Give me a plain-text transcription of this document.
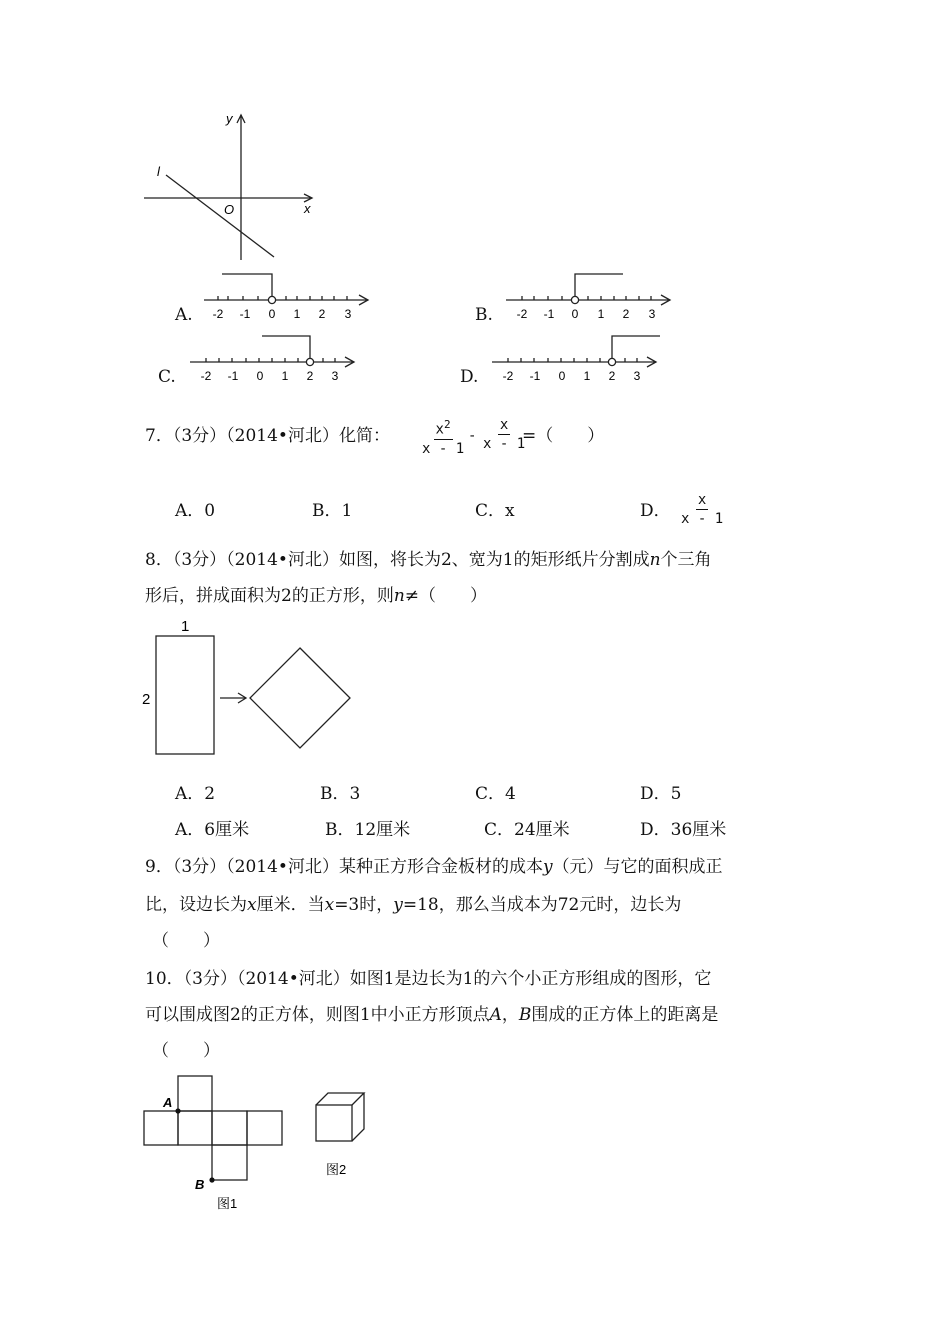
y
x
O
l
A. -2 -1 0 1 2 3	B. -2 -1 0 1 2 3
C. -2 -1 0 1 2 3	D. -2 -1 0 1 2 3
7．（3分）（2014•河北）化简： $\frac{x^2}{x - 1} - \frac{x}{x - 1}$
=（　　）
A．0	B．1	C．x	D． $\frac{x}{x - 1}$
8．（3分）（2014•河北）如图，将长为2、宽为1的矩形纸片分割成n个三角
形后，拼成面积为2的正方形，则n≠（　　）
1
2
A．2	B．3	C．4	D．5
A．6厘米	B．12厘米	C．24厘米	D．36厘米
9．（3分）（2014•河北）某种正方形合金板材的成本y（元）与它的面积成正
比，设边长为x厘米．当x=3时，y=18，那么当成本为72元时，边长为
（　　）
10．（3分）（2014•河北）如图1是边长为1的六个小正方形组成的图形，它
可以围成图2的正方体，则图1中小正方形顶点A，B围成的正方体上的距离是
（　　）
A
B
图1
图2
